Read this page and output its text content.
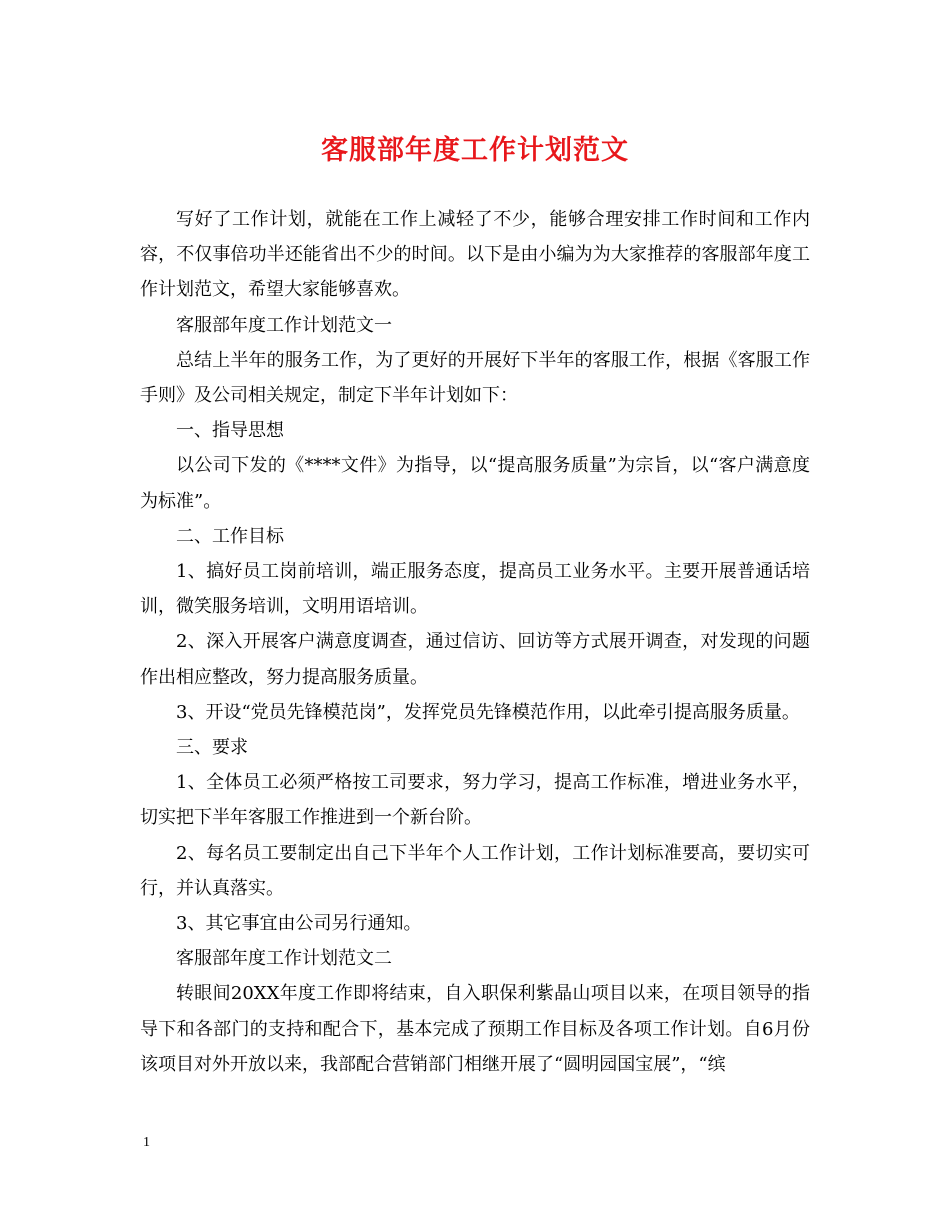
客服部年度工作计划范文

写好了工作计划，就能在工作上减轻了不少，能够合理安排工作时间和工作内容，不仅事倍功半还能省出不少的时间。以下是由小编为为大家推荐的客服部年度工作计划范文，希望大家能够喜欢。

客服部年度工作计划范文一

总结上半年的服务工作，为了更好的开展好下半年的客服工作，根据《客服工作手则》及公司相关规定，制定下半年计划如下：

一、指导思想

以公司下发的《****文件》为指导，以“提高服务质量”为宗旨，以“客户满意度为标准”。

二、工作目标

1、搞好员工岗前培训，端正服务态度，提高员工业务水平。主要开展普通话培训，微笑服务培训，文明用语培训。

2、深入开展客户满意度调查，通过信访、回访等方式展开调查，对发现的问题作出相应整改，努力提高服务质量。

3、开设“党员先锋模范岗”，发挥党员先锋模范作用，以此牵引提高服务质量。

三、要求

1、全体员工必须严格按工司要求，努力学习，提高工作标准，增进业务水平，切实把下半年客服工作推进到一个新台阶。

2、每名员工要制定出自己下半年个人工作计划，工作计划标准要高，要切实可行，并认真落实。

3、其它事宜由公司另行通知。

客服部年度工作计划范文二

转眼间20XX年度工作即将结束，自入职保利紫晶山项目以来，在项目领导的指导下和各部门的支持和配合下，基本完成了预期工作目标及各项工作计划。自6月份该项目对外开放以来，我部配合营销部门相继开展了“圆明园国宝展”，“缤

1
